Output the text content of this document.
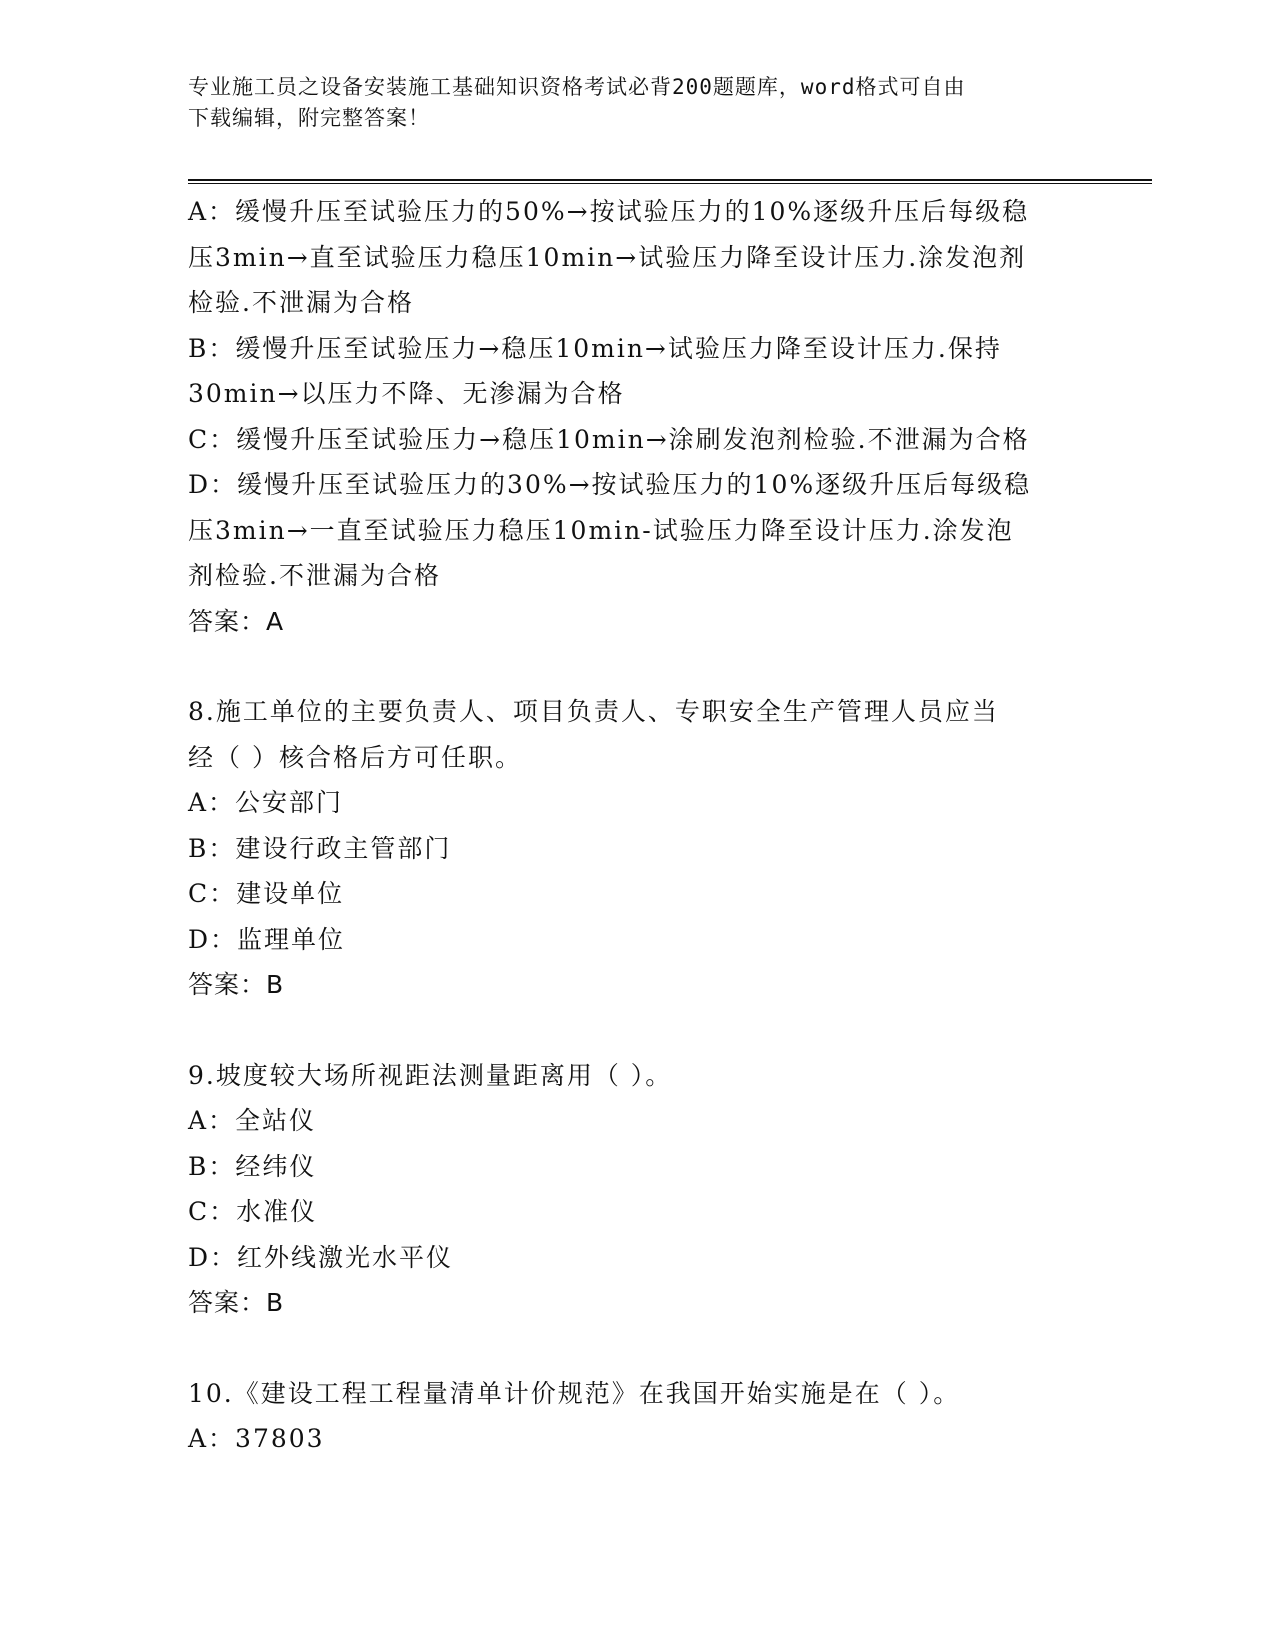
专业施工员之设备安装施工基础知识资格考试必背200题题库，word格式可自由
下载编辑，附完整答案！

A：缓慢升压至试验压力的50%→按试验压力的10%逐级升压后每级稳

压3min→直至试验压力稳压10min→试验压力降至设计压力.涂发泡剂

检验.不泄漏为合格

B：缓慢升压至试验压力→稳压10min→试验压力降至设计压力.保持

30min→以压力不降、无渗漏为合格

C：缓慢升压至试验压力→稳压10min→涂刷发泡剂检验.不泄漏为合格

D：缓慢升压至试验压力的30%→按试验压力的10%逐级升压后每级稳

压3min→一直至试验压力稳压10min-试验压力降至设计压力.涂发泡

剂检验.不泄漏为合格

答案：A

8.施工单位的主要负责人、项目负责人、专职安全生产管理人员应当

经（ ）核合格后方可任职。

A：公安部门

B：建设行政主管部门

C：建设单位

D：监理单位

答案：B

9.坡度较大场所视距法测量距离用（ ）。

A：全站仪

B：经纬仪

C：水准仪

D：红外线激光水平仪

答案：B

10.《建设工程工程量清单计价规范》在我国开始实施是在（ ）。

A：37803
